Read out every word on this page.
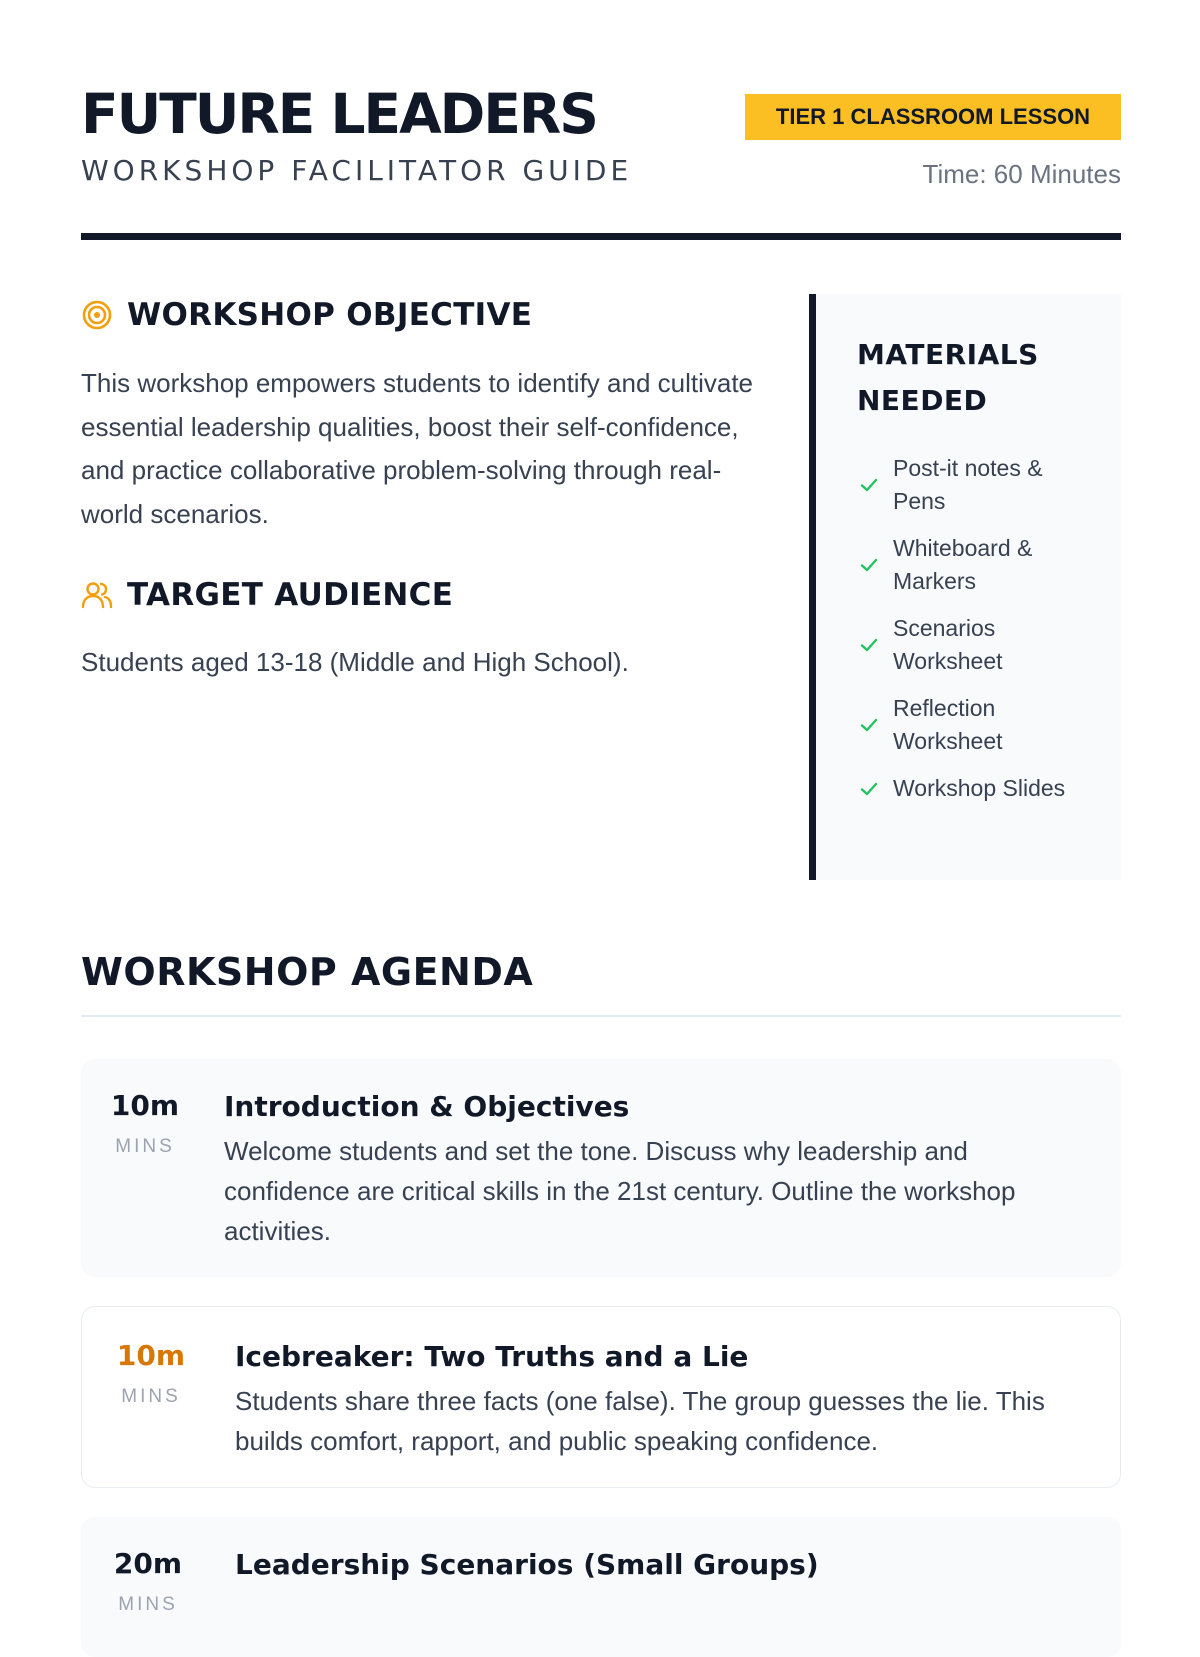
FUTURE LEADERS
WORKSHOP FACILITATOR GUIDE
TIER 1 CLASSROOM LESSON
Time: 60 Minutes
WORKSHOP OBJECTIVE
This workshop empowers students to identify and cultivate essential leadership qualities, boost their self-confidence, and practice collaborative problem-solving through real-world scenarios.
TARGET AUDIENCE
Students aged 13-18 (Middle and High School).
MATERIALS NEEDED
Post-it notes & Pens
Whiteboard & Markers
Scenarios Worksheet
Reflection Worksheet
Workshop Slides
WORKSHOP AGENDA
10m
MINS
Introduction & Objectives
Welcome students and set the tone. Discuss why leadership and confidence are critical skills in the 21st century. Outline the workshop activities.
10m
MINS
Icebreaker: Two Truths and a Lie
Students share three facts (one false). The group guesses the lie. This builds comfort, rapport, and public speaking confidence.
20m
MINS
Leadership Scenarios (Small Groups)
